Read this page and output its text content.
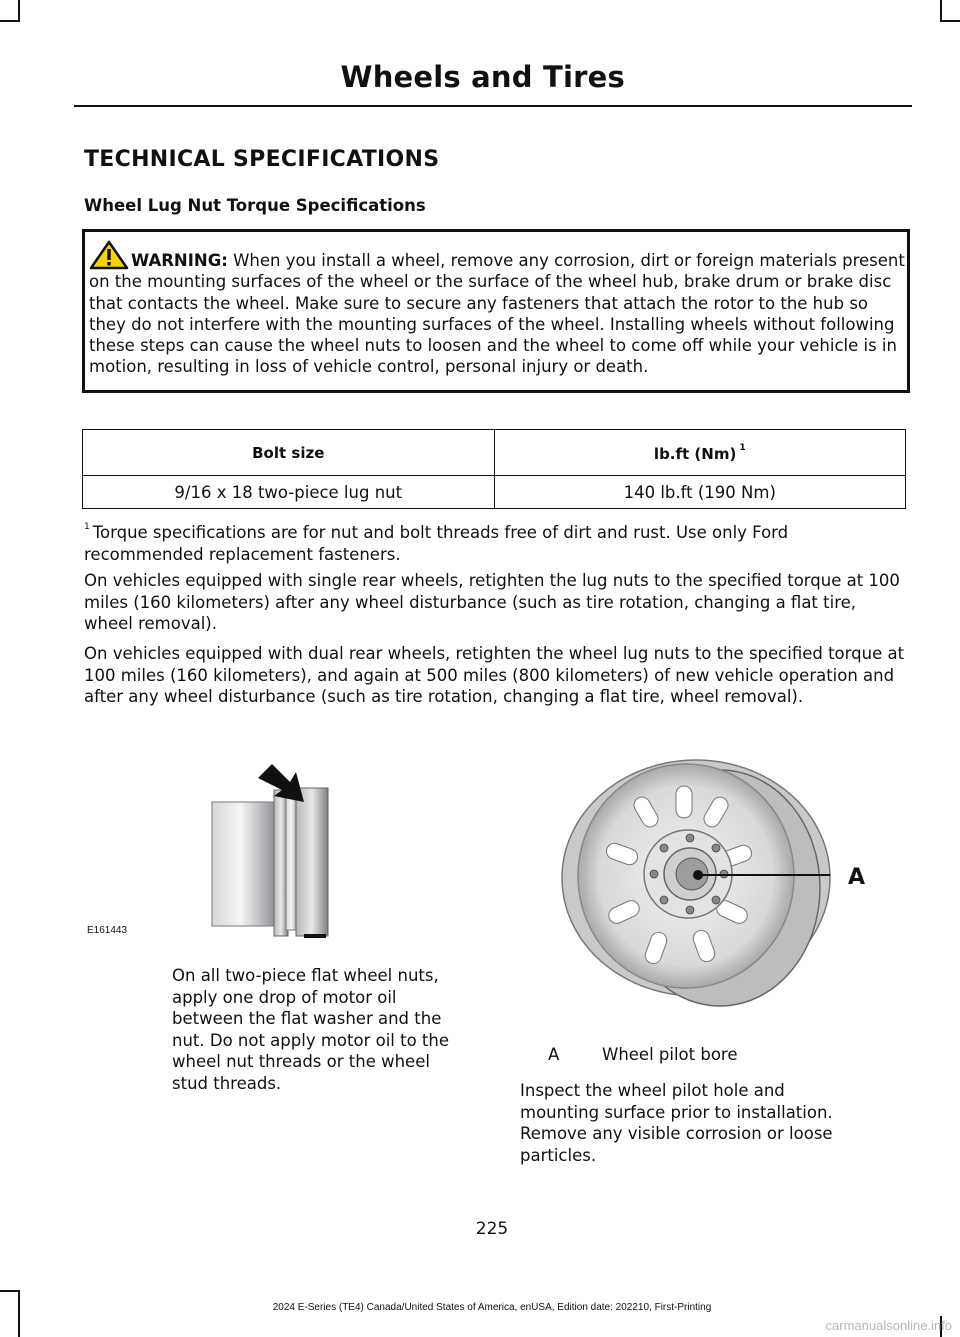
Wheels and Tires
TECHNICAL SPECIFICATIONS
Wheel Lug Nut Torque Specifications
WARNING: When you install a wheel, remove any corrosion, dirt or foreign materials present on the mounting surfaces of the wheel or the surface of the wheel hub, brake drum or brake disc that contacts the wheel. Make sure to secure any fasteners that attach the rotor to the hub so they do not interfere with the mounting surfaces of the wheel. Installing wheels without following these steps can cause the wheel nuts to loosen and the wheel to come off while your vehicle is in motion, resulting in loss of vehicle control, personal injury or death.
Bolt size	lb.ft (Nm) $^1$
9/16 x 18 two-piece lug nut	140 lb.ft (190 Nm)
$^1$ Torque specifications are for nut and bolt threads free of dirt and rust. Use only Ford recommended replacement fasteners.
On vehicles equipped with single rear wheels, retighten the lug nuts to the specified torque at 100 miles (160 kilometers) after any wheel disturbance (such as tire rotation, changing a flat tire, wheel removal).
On vehicles equipped with dual rear wheels, retighten the wheel lug nuts to the specified torque at 100 miles (160 kilometers), and again at 500 miles (800 kilometers) of new vehicle operation and after any wheel disturbance (such as tire rotation, changing a flat tire, wheel removal).
E161443
On all two-piece flat wheel nuts, apply one drop of motor oil between the flat washer and the nut. Do not apply motor oil to the wheel nut threads or the wheel stud threads.
A
A	Wheel pilot bore
Inspect the wheel pilot hole and mounting surface prior to installation. Remove any visible corrosion or loose particles.
225
2024 E-Series (TE4) Canada/United States of America, enUSA, Edition date: 202210, First-Printing
carmanualsonline.info
